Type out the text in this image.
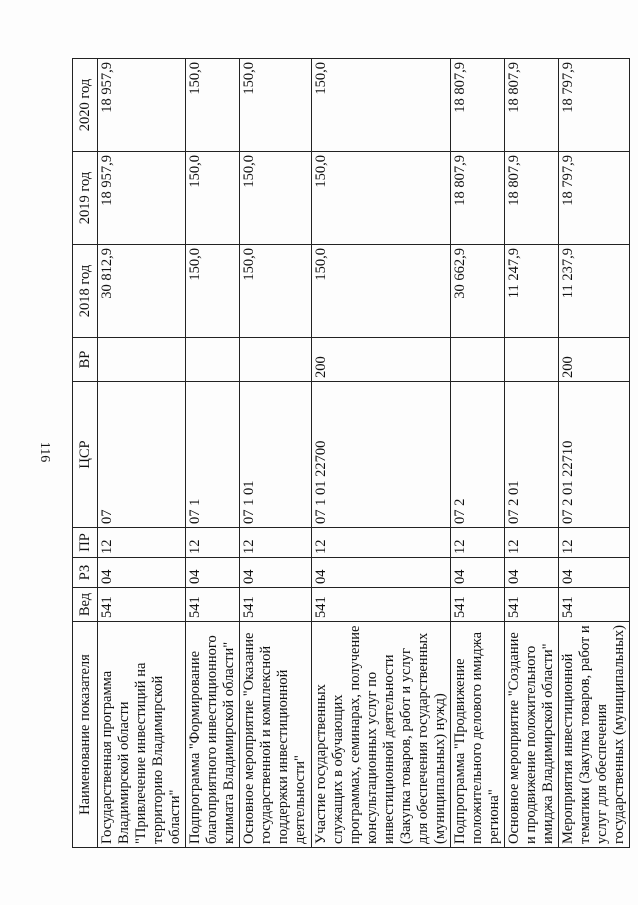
116
Наименование показателя	Вед	РЗ	ПР	ЦСР	ВР	2018 год	2019 год	2020 год
Государственная программа Владимирской области "Привлечение инвестиций на территорию Владимирской области"	541	04	12	07		30 812,9	18 957,9	18 957,9
Подпрограмма "Формирование благоприятного инвестиционного климата Владимирской области"	541	04	12	07 1		150,0	150,0	150,0
Основное мероприятие "Оказание государственной и комплексной поддержки инвестиционной деятельности"	541	04	12	07 1 01		150,0	150,0	150,0
Участие государственных служащих в обучающих программах, семинарах, получение консультационных услуг по инвестиционной деятельности (Закупка товаров, работ и услуг для обеспечения государственных (муниципальных) нужд)	541	04	12	07 1 01 22700	200	150,0	150,0	150,0
Подпрограмма "Продвижение положительного делового имиджа региона"	541	04	12	07 2		30 662,9	18 807,9	18 807,9
Основное мероприятие "Создание и продвижение положительного имиджа Владимирской области"	541	04	12	07 2 01		11 247,9	18 807,9	18 807,9
Мероприятия инвестиционной тематики (Закупка товаров, работ и услуг для обеспечения государственных (муниципальных)	541	04	12	07 2 01 22710	200	11 237,9	18 797,9	18 797,9
